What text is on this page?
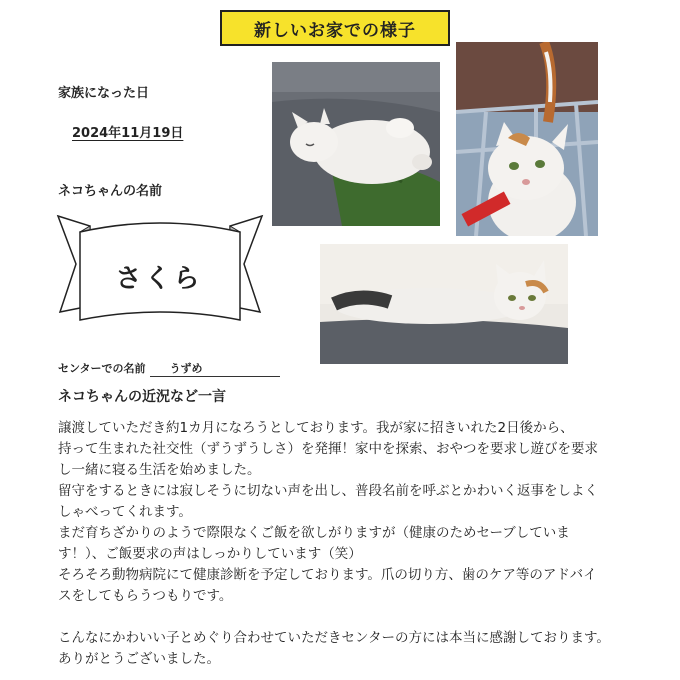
新しいお家での様子
家族になった日
2024年11月19日
ネコちゃんの名前
さくら
センターでの名前 うずめ
ネコちゃんの近況など一言

譲渡していただき約1カ月になろうとしております。我が家に招きいれた2日後から、

持って生まれた社交性（ずうずうしさ）を発揮！家中を探索、おやつを要求し遊びを要求

し一緒に寝る生活を始めました。

留守をするときには寂しそうに切ない声を出し、普段名前を呼ぶとかわいく返事をしよく

しゃべってくれます。

まだ育ちざかりのようで際限なくご飯を欲しがりますが（健康のためセーブしていま

す！）、ご飯要求の声はしっかりしています（笑）

そろそろ動物病院にて健康診断を予定しております。爪の切り方、歯のケア等のアドバイ

スをしてもらうつもりです。

こんなにかわいい子とめぐり合わせていただきセンターの方には本当に感謝しております。

ありがとうございました。
